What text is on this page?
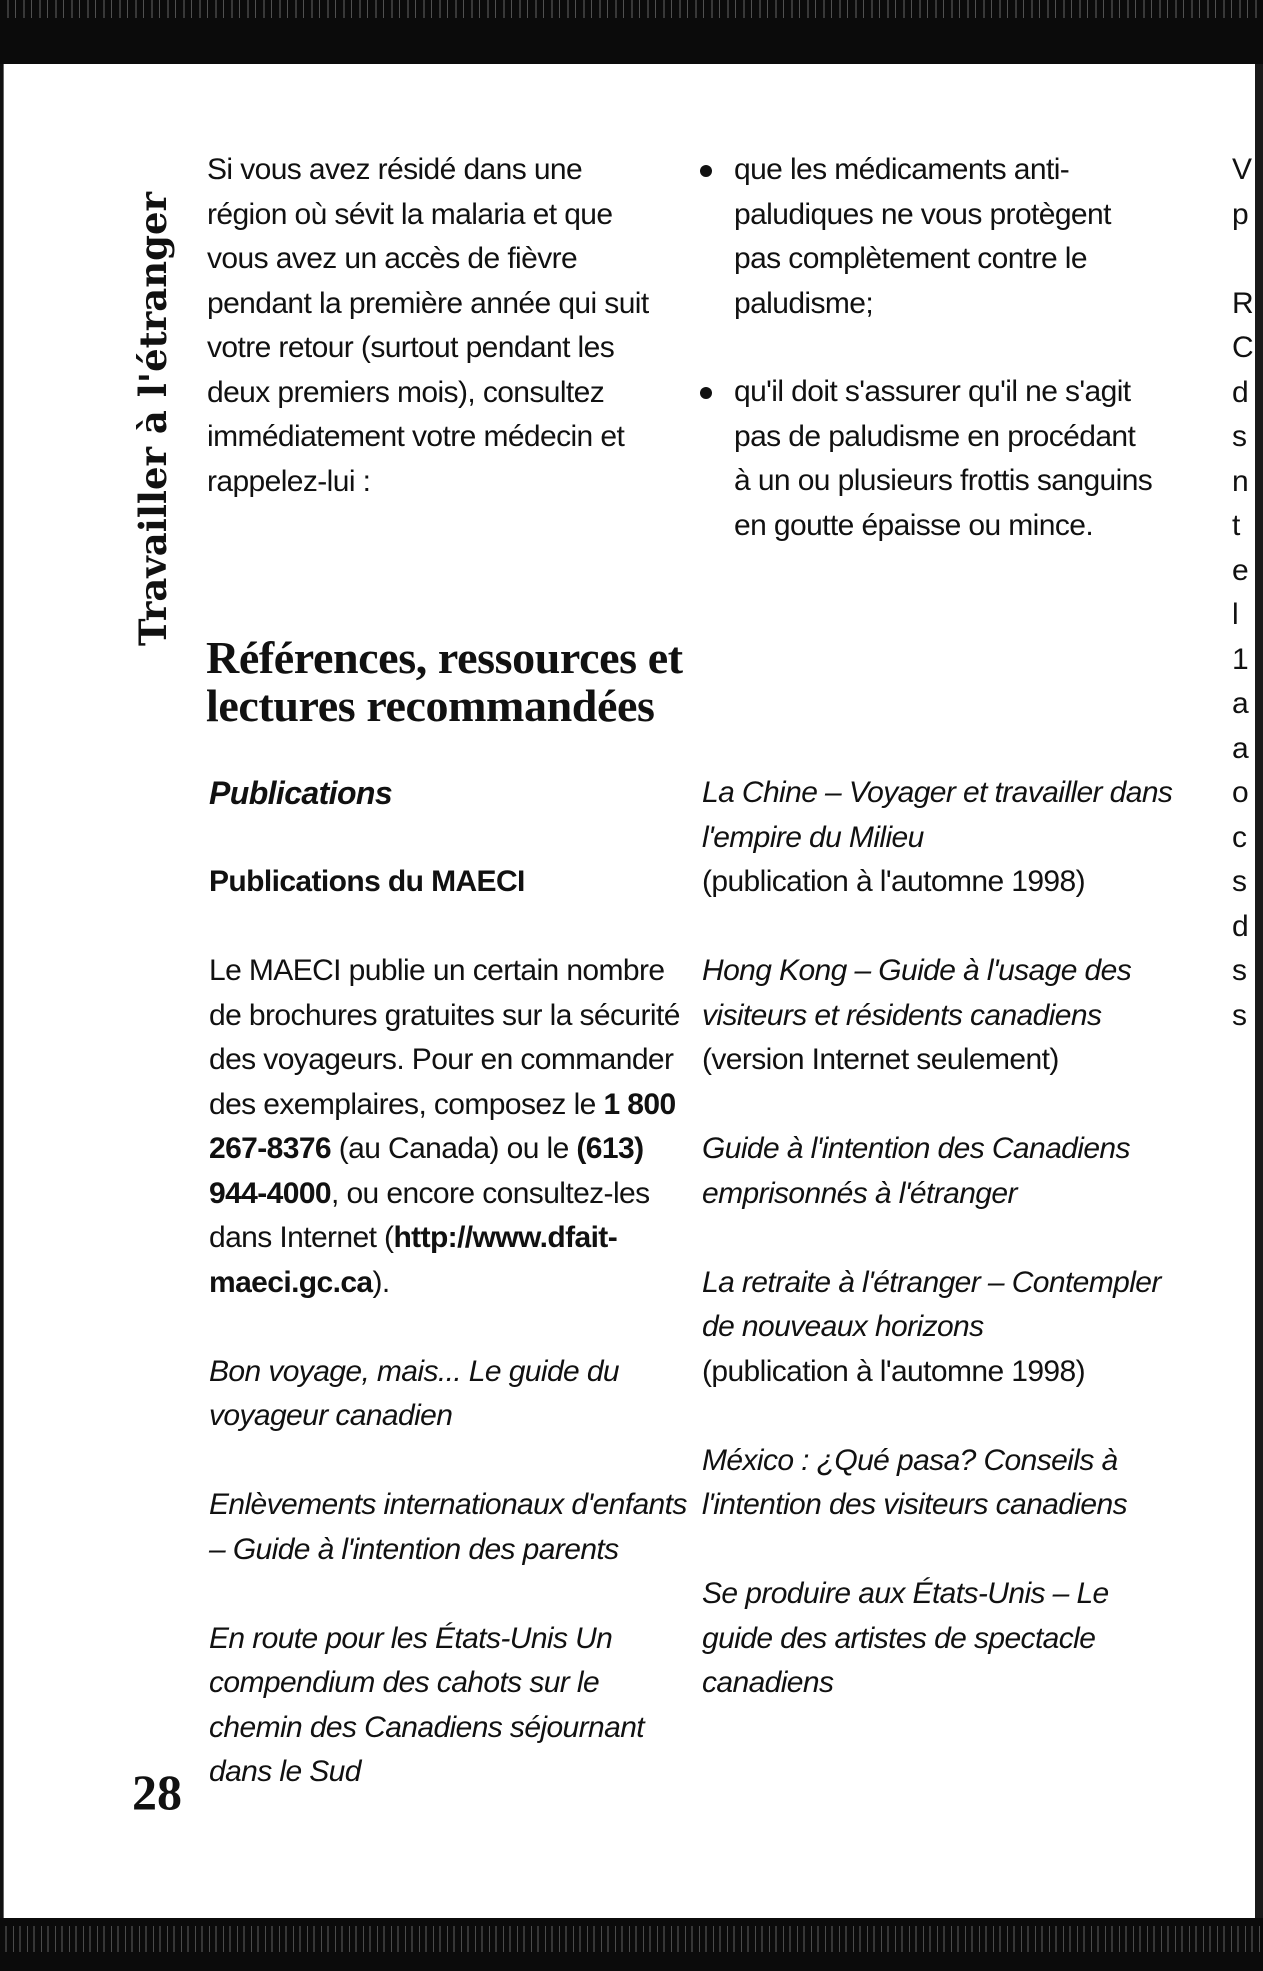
Travailler à l'étranger

Si vous avez résidé dans une région où sévit la malaria et que vous avez un accès de fièvre pendant la première année qui suit votre retour (surtout pendant les deux premiers mois), consultez immédiatement votre médecin et rappelez-lui :

que les médicaments anti-paludiques ne vous protègent pas complètement contre le paludisme;
qu'il doit s'assurer qu'il ne s'agit pas de paludisme en procédant à un ou plusieurs frottis sanguins en goutte épaisse ou mince.
Références, ressources et lectures recommandées

Publications

Publications du MAECI

Le MAECI publie un certain nombre de brochures gratuites sur la sécurité des voyageurs. Pour en commander des exemplaires, composez le 1 800 267-8376 (au Canada) ou le (613) 944-4000, ou encore consultez-les dans Internet (http://www.dfait-maeci.gc.ca).

Bon voyage, mais... Le guide du voyageur canadien

Enlèvements internationaux d'enfants – Guide à l'intention des parents

En route pour les États-Unis Un compendium des cahots sur le chemin des Canadiens séjournant dans le Sud

La Chine – Voyager et travailler dans l'empire du Milieu
(publication à l'automne 1998)

Hong Kong – Guide à l'usage des visiteurs et résidents canadiens
(version Internet seulement)

Guide à l'intention des Canadiens emprisonnés à l'étranger

La retraite à l'étranger – Contempler de nouveaux horizons
(publication à l'automne 1998)

México : ¿Qué pasa? Conseils à l'intention des visiteurs canadiens

Se produire aux États-Unis – Le guide des artistes de spectacle canadiens

28

V
p

R
C
d
s
n
t
e
l
1
a
a
o
c
s
d
s
s
